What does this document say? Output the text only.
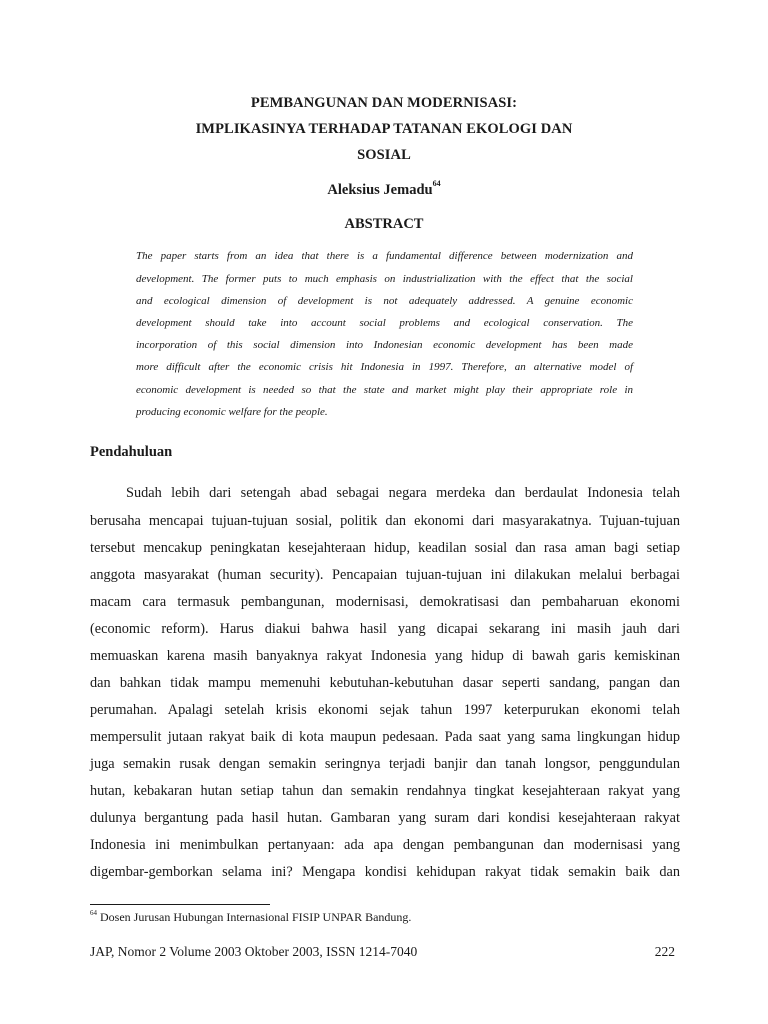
PEMBANGUNAN DAN MODERNISASI:
IMPLIKASINYA TERHADAP TATANAN EKOLOGI DAN
SOSIAL
Aleksius Jemadu$^{64}$
ABSTRACT
The paper starts from an idea that there is a fundamental difference between modernization and
development. The former puts to much emphasis on industrialization with the effect that the social
and ecological dimension of development is not adequately addressed. A genuine economic
development should take into account social problems and ecological conservation. The
incorporation of this social dimension into Indonesian economic development has been made
more difficult after the economic crisis hit Indonesia in 1997. Therefore, an alternative model of
economic development is needed so that the state and market might play their appropriate role in
producing economic welfare for the people.
Pendahuluan
Sudah lebih dari setengah abad sebagai negara merdeka dan berdaulat Indonesia telah
berusaha mencapai tujuan-tujuan sosial, politik dan ekonomi dari masyarakatnya. Tujuan-tujuan
tersebut mencakup peningkatan kesejahteraan hidup, keadilan sosial dan rasa aman bagi setiap
anggota masyarakat (human security). Pencapaian tujuan-tujuan ini dilakukan melalui berbagai
macam cara termasuk pembangunan, modernisasi, demokratisasi dan pembaharuan ekonomi
(economic reform). Harus diakui bahwa hasil yang dicapai sekarang ini masih jauh dari
memuaskan karena masih banyaknya rakyat Indonesia yang hidup di bawah garis kemiskinan
dan bahkan tidak mampu memenuhi kebutuhan-kebutuhan dasar seperti sandang, pangan dan
perumahan. Apalagi setelah krisis ekonomi sejak tahun 1997 keterpurukan ekonomi telah
mempersulit jutaan rakyat baik di kota maupun pedesaan. Pada saat yang sama lingkungan hidup
juga semakin rusak dengan semakin seringnya terjadi banjir dan tanah longsor, penggundulan
hutan, kebakaran hutan setiap tahun dan semakin rendahnya tingkat kesejahteraan rakyat yang
dulunya bergantung pada hasil hutan. Gambaran yang suram dari kondisi kesejahteraan rakyat
Indonesia ini menimbulkan pertanyaan: ada apa dengan pembangunan dan modernisasi yang
digembar-gemborkan selama ini? Mengapa kondisi kehidupan rakyat tidak semakin baik dan
$^{64}$ Dosen Jurusan Hubungan Internasional FISIP UNPAR Bandung.
JAP, Nomor 2 Volume 2003 Oktober 2003, ISSN 1214-7040	222
